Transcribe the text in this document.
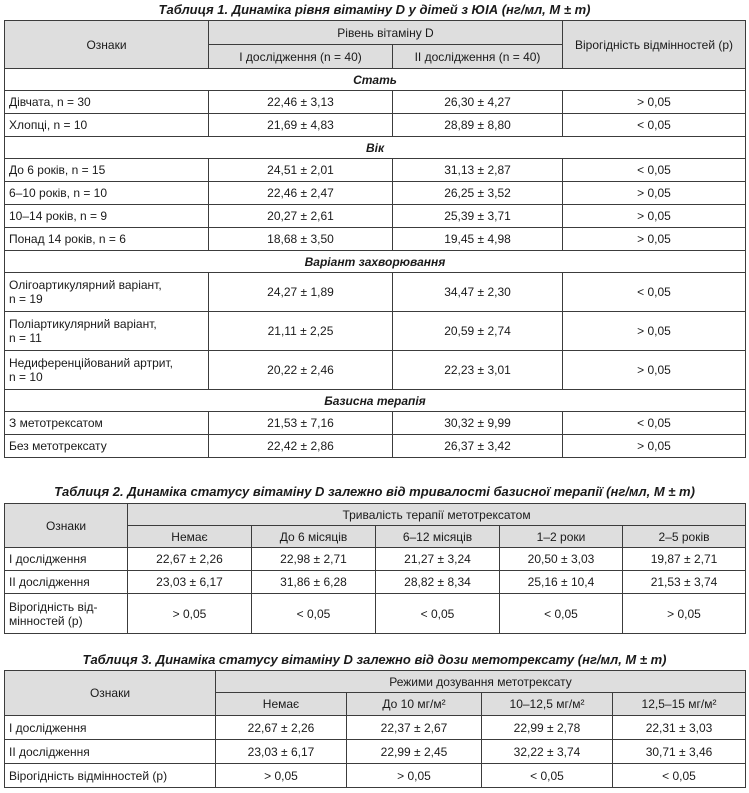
Таблиця 1. Динаміка рівня вітаміну D у дітей з ЮІА (нг/мл, M ± m)
Ознаки	Рівень вітаміну D		Вірогідність відмінностей (р)
	I дослідження (n = 40)	II дослідження (n = 40)	
Стать			
Дівчата, n = 30	22,46 ± 3,13	26,30 ± 4,27	> 0,05
Хлопці, n = 10	21,69 ± 4,83	28,89 ± 8,80	< 0,05
Вік			
До 6 років, n = 15	24,51 ± 2,01	31,13 ± 2,87	< 0,05
6–10 років, n = 10	22,46 ± 2,47	26,25 ± 3,52	> 0,05
10–14 років, n = 9	20,27 ± 2,61	25,39 ± 3,71	> 0,05
Понад 14 років, n = 6	18,68 ± 3,50	19,45 ± 4,98	> 0,05
Варіант захворювання			

Олігоартикулярний варіант,
n = 19	24,27 ± 1,89	34,47 ± 2,30	< 0,05

Поліартикулярний варіант,
n = 11	21,11 ± 2,25	20,59 ± 2,74	> 0,05

Недиференційований артрит,
n = 10	20,22 ± 2,46	22,23 ± 3,01	> 0,05
Базисна терапія			
З метотрексатом	21,53 ± 7,16	30,32 ± 9,99	< 0,05
Без метотрексату	22,42 ± 2,86	26,37 ± 3,42	> 0,05
Таблиця 2. Динаміка статусу вітаміну D залежно від тривалості базисної терапії (нг/мл, M ± m)
Ознаки	Тривалість терапії метотрексатом				
	Немає	До 6 місяців	6–12 місяців	1–2 роки	2–5 років
I дослідження	22,67 ± 2,26	22,98 ± 2,71	21,27 ± 3,24	20,50 ± 3,03	19,87 ± 2,71
II дослідження	23,03 ± 6,17	31,86 ± 6,28	28,82 ± 8,34	25,16 ± 10,4	21,53 ± 3,74

Вірогідність від-
мінностей (р)	> 0,05	< 0,05	< 0,05	< 0,05	> 0,05
Таблиця 3. Динаміка статусу вітаміну D залежно від дози метотрексату (нг/мл, M ± m)
Ознаки	Режими дозування метотрексату			
	Немає	До 10 мг/м²	10–12,5 мг/м²	12,5–15 мг/м²
I дослідження	22,67 ± 2,26	22,37 ± 2,67	22,99 ± 2,78	22,31 ± 3,03
II дослідження	23,03 ± 6,17	22,99 ± 2,45	32,22 ± 3,74	30,71 ± 3,46
Вірогідність відмінностей (р)	> 0,05	> 0,05	< 0,05	< 0,05
